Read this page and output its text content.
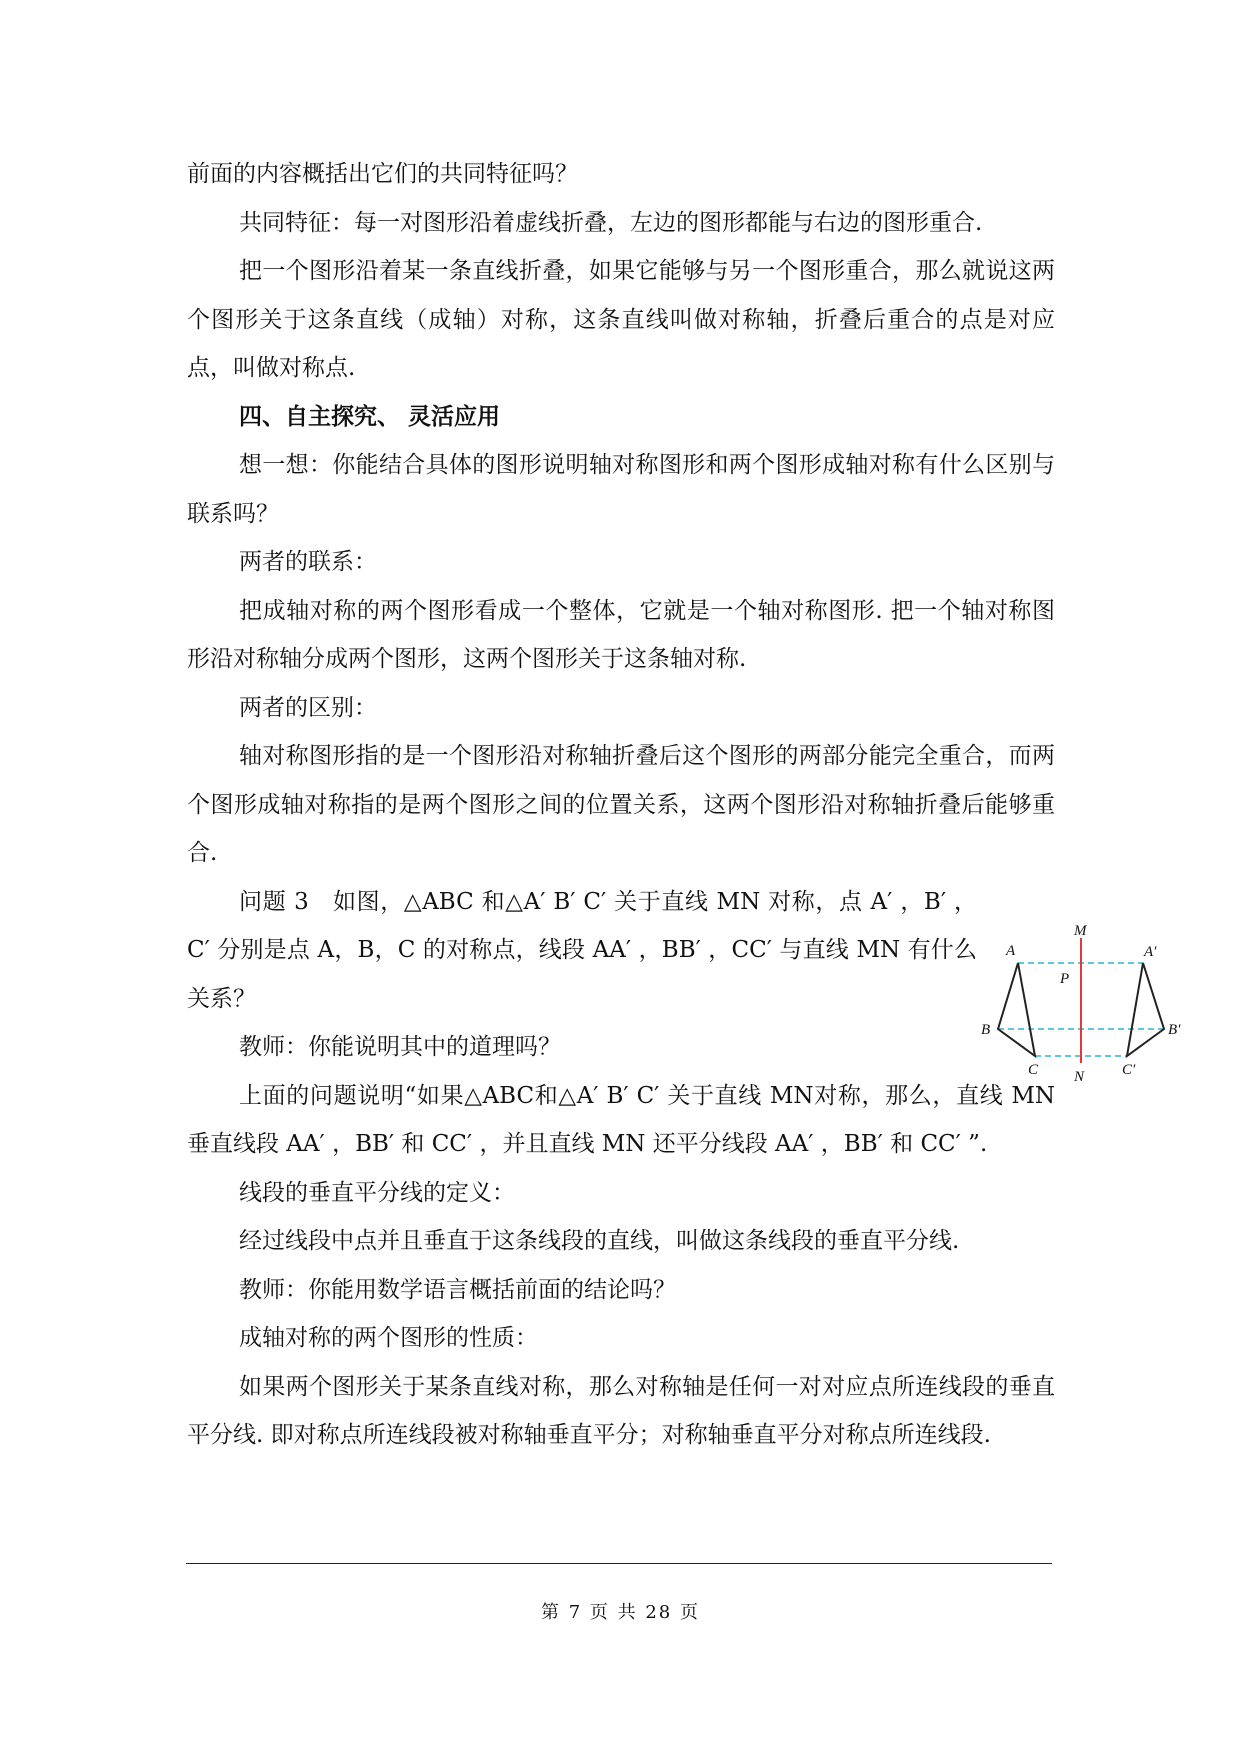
前面的内容概括出它们的共同特征吗？

共同特征：每一对图形沿着虚线折叠，左边的图形都能与右边的图形重合.

把一个图形沿着某一条直线折叠，如果它能够与另一个图形重合，那么就说这两个图形关于这条直线（成轴）对称，这条直线叫做对称轴，折叠后重合的点是对应点，叫做对称点.

四、自主探究、 灵活应用

想一想：你能结合具体的图形说明轴对称图形和两个图形成轴对称有什么区别与联系吗？

两者的联系：

把成轴对称的两个图形看成一个整体，它就是一个轴对称图形. 把一个轴对称图形沿对称轴分成两个图形，这两个图形关于这条轴对称.

两者的区别：

轴对称图形指的是一个图形沿对称轴折叠后这个图形的两部分能完全重合，而两个图形成轴对称指的是两个图形之间的位置关系，这两个图形沿对称轴折叠后能够重合.

问题 3　如图，△ABC 和△A′ B′ C′ 关于直线 MN 对称，点 A′ ，B′ ，C′ 分别是点 A，B，C 的对称点，线段 AA′ ，BB′ ，CC′ 与直线 MN 有什么关系？

教师：你能说明其中的道理吗？

上面的问题说明“如果△ABC和△A′ B′ C′ 关于直线 MN对称，那么，直线 MN 垂直线段 AA′ ，BB′ 和 CC′ ，并且直线 MN 还平分线段 AA′ ，BB′ 和 CC′ ”.

线段的垂直平分线的定义：

经过线段中点并且垂直于这条线段的直线，叫做这条线段的垂直平分线.

教师：你能用数学语言概括前面的结论吗？

成轴对称的两个图形的性质：

如果两个图形关于某条直线对称，那么对称轴是任何一对对应点所连线段的垂直平分线. 即对称点所连线段被对称轴垂直平分；对称轴垂直平分对称点所连线段.

M
N
P
A
B
C
A′
B′
C′
第 7 页 共 28 页
